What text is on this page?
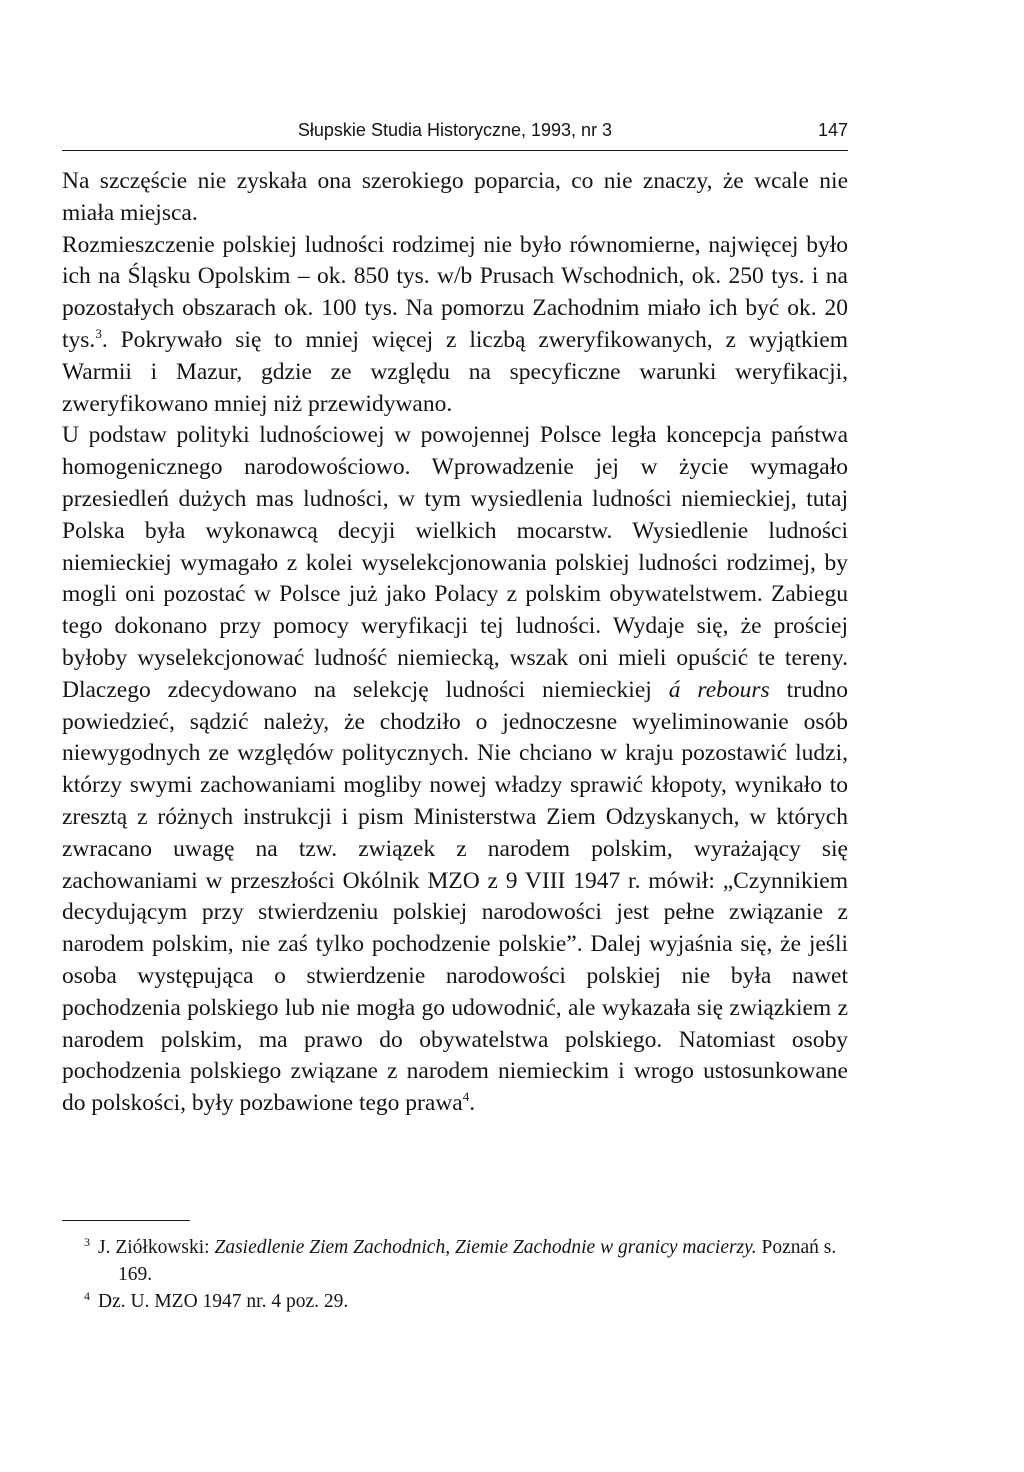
Słupskie Studia Historyczne, 1993, nr 3	147

Na szczęście nie zyskała ona szerokiego poparcia, co nie znaczy, że wcale nie miała miejsca.

Rozmieszczenie polskiej ludności rodzimej nie było równomierne, najwięcej było ich na Śląsku Opolskim – ok. 850 tys. w/b Prusach Wschodnich, ok. 250 tys. i na pozostałych obszarach ok. 100 tys. Na pomorzu Zachodnim miało ich być ok. 20 tys.$^3$. Pokrywało się to mniej więcej z liczbą zweryfikowanych, z wyjątkiem Warmii i Mazur, gdzie ze względu na specyficzne warunki weryfikacji, zweryfikowano mniej niż przewidywano.

U podstaw polityki ludnościowej w powojennej Polsce legła koncepcja państwa homogenicznego narodowościowo. Wprowadzenie jej w życie wymagało przesiedleń dużych mas ludności, w tym wysiedlenia ludności niemieckiej, tutaj Polska była wykonawcą decyji wielkich mocarstw. Wysiedlenie ludności niemieckiej wymagało z kolei wyselekcjonowania polskiej ludności rodzimej, by mogli oni pozostać w Polsce już jako Polacy z polskim obywatelstwem. Zabiegu tego dokonano przy pomocy weryfikacji tej ludności. Wydaje się, że prościej byłoby wyselekcjonować ludność niemiecką, wszak oni mieli opuścić te tereny. Dlaczego zdecydowano na selekcję ludności niemieckiej á rebours trudno powiedzieć, sądzić należy, że chodziło o jednoczesne wyeliminowanie osób niewygodnych ze względów politycznych. Nie chciano w kraju pozostawić ludzi, którzy swymi zachowaniami mogliby nowej władzy sprawić kłopoty, wynikało to zresztą z różnych instrukcji i pism Ministerstwa Ziem Odzyskanych, w których zwracano uwagę na tzw. związek z narodem polskim, wyrażający się zachowaniami w przeszłości Okólnik MZO z 9 VIII 1947 r. mówił: „Czynnikiem decydującym przy stwierdzeniu polskiej narodowości jest pełne związanie z narodem polskim, nie zaś tylko pochodzenie polskie”. Dalej wyjaśnia się, że jeśli osoba występująca o stwierdzenie narodowości polskiej nie była nawet pochodzenia polskiego lub nie mogła go udowodnić, ale wykazała się związkiem z narodem polskim, ma prawo do obywatelstwa polskiego. Natomiast osoby pochodzenia polskiego związane z narodem niemieckim i wrogo ustosunkowane do polskości, były pozbawione tego prawa$^4$.

$^3$ J. Ziółkowski: Zasiedlenie Ziem Zachodnich, Ziemie Zachodnie w granicy macierzy. Poznań s. 169.

$^4$ Dz. U. MZO 1947 nr. 4 poz. 29.
